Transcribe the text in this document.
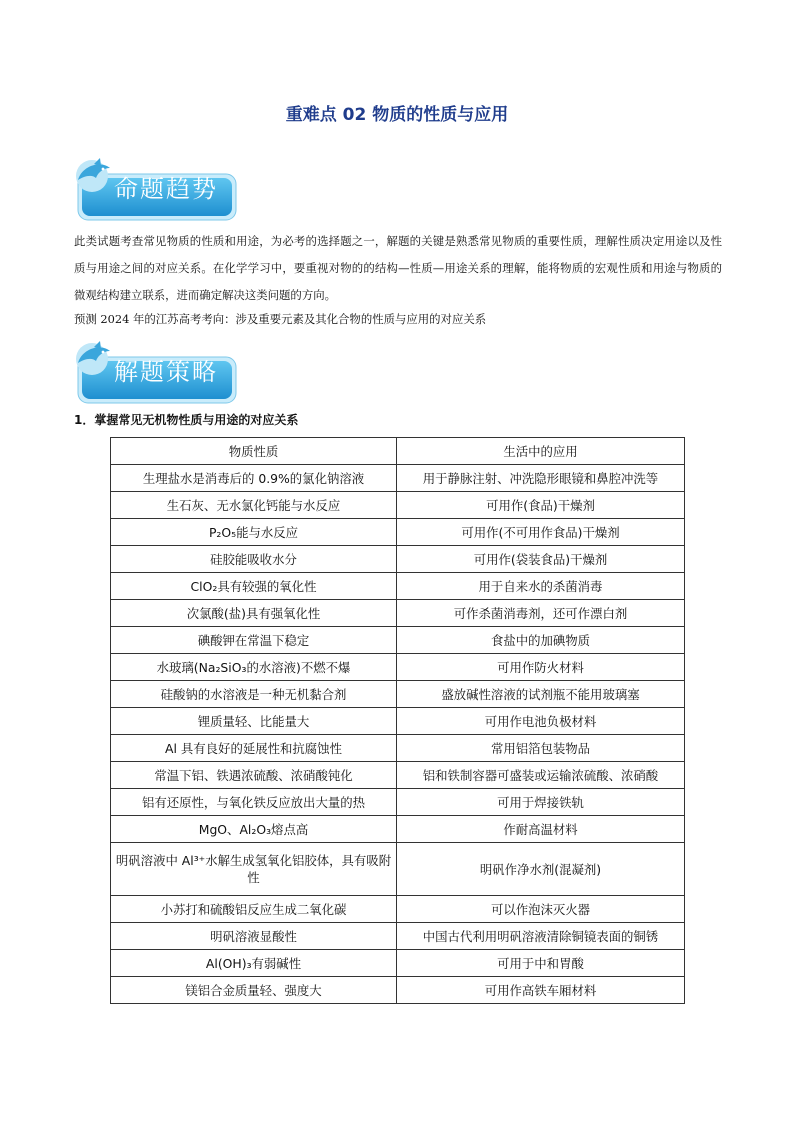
重难点 02 物质的性质与应用
命题趋势

此类试题考查常见物质的性质和用途，为必考的选择题之一，解题的关键是熟悉常见物质的重要性质，理解性质决定用途以及性质与用途之间的对应关系。在化学学习中，要重视对物的的结构—性质—用途关系的理解，能将物质的宏观性质和用途与物质的微观结构建立联系，进而确定解决这类问题的方向。

预测 2024 年的江苏高考考向：涉及重要元素及其化合物的性质与应用的对应关系

解题策略
1．掌握常见无机物性质与用途的对应关系
物质性质	生活中的应用
生理盐水是消毒后的 0.9%的氯化钠溶液	用于静脉注射、冲洗隐形眼镜和鼻腔冲洗等
生石灰、无水氯化钙能与水反应	可用作(食品)干燥剂
P₂O₅能与水反应	可用作(不可用作食品)干燥剂
硅胶能吸收水分	可用作(袋装食品)干燥剂
ClO₂具有较强的氧化性	用于自来水的杀菌消毒
次氯酸(盐)具有强氧化性	可作杀菌消毒剂，还可作漂白剂
碘酸钾在常温下稳定	食盐中的加碘物质
水玻璃(Na₂SiO₃的水溶液)不燃不爆	可用作防火材料
硅酸钠的水溶液是一种无机黏合剂	盛放碱性溶液的试剂瓶不能用玻璃塞
锂质量轻、比能量大	可用作电池负极材料
Al 具有良好的延展性和抗腐蚀性	常用铝箔包装物品
常温下铝、铁遇浓硫酸、浓硝酸钝化	铝和铁制容器可盛装或运输浓硫酸、浓硝酸
铝有还原性，与氧化铁反应放出大量的热	可用于焊接铁轨
MgO、Al₂O₃熔点高	作耐高温材料
明矾溶液中 Al³⁺水解生成氢氧化铝胶体，具有吸附性	明矾作净水剂(混凝剂)
小苏打和硫酸铝反应生成二氧化碳	可以作泡沫灭火器
明矾溶液显酸性	中国古代利用明矾溶液清除铜镜表面的铜锈
Al(OH)₃有弱碱性	可用于中和胃酸
镁铝合金质量轻、强度大	可用作高铁车厢材料
